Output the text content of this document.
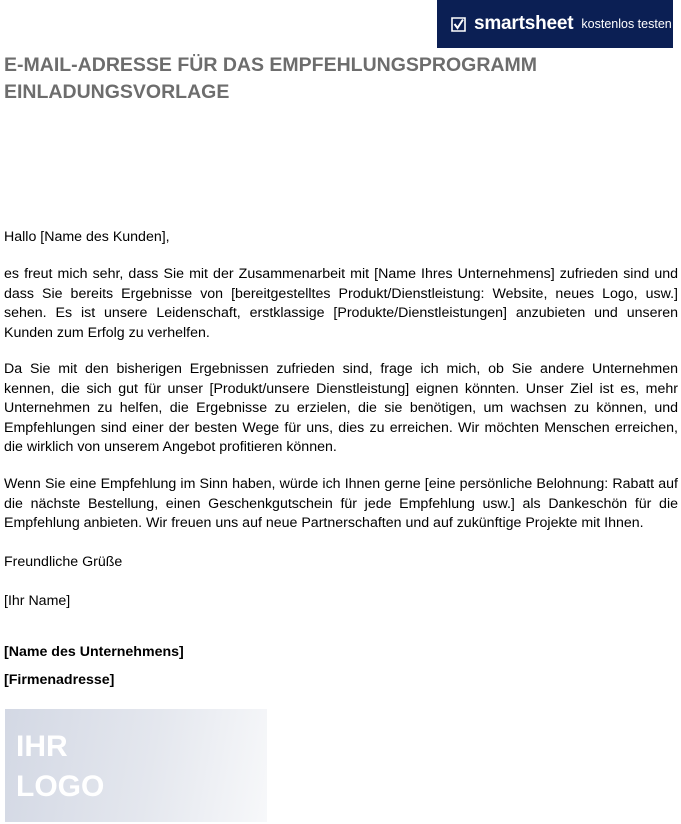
smartsheet kostenlos testen
E-MAIL-ADRESSE FÜR DAS EMPFEHLUNGSPROGRAMM EINLADUNGSVORLAGE
Hallo [Name des Kunden],
es freut mich sehr, dass Sie mit der Zusammenarbeit mit [Name Ihres Unternehmens] zufrieden sind und dass Sie bereits Ergebnisse von [bereitgestelltes Produkt/Dienstleistung: Website, neues Logo, usw.] sehen. Es ist unsere Leidenschaft, erstklassige [Produkte/Dienstleistungen] anzubieten und unseren Kunden zum Erfolg zu verhelfen.
Da Sie mit den bisherigen Ergebnissen zufrieden sind, frage ich mich, ob Sie andere Unternehmen kennen, die sich gut für unser [Produkt/unsere Dienstleistung] eignen könnten. Unser Ziel ist es, mehr Unternehmen zu helfen, die Ergebnisse zu erzielen, die sie benötigen, um wachsen zu können, und Empfehlungen sind einer der besten Wege für uns, dies zu erreichen. Wir möchten Menschen erreichen, die wirklich von unserem Angebot profitieren können.
Wenn Sie eine Empfehlung im Sinn haben, würde ich Ihnen gerne [eine persönliche Belohnung: Rabatt auf die nächste Bestellung, einen Geschenkgutschein für jede Empfehlung usw.] als Dankeschön für die Empfehlung anbieten. Wir freuen uns auf neue Partnerschaften und auf zukünftige Projekte mit Ihnen.
Freundliche Grüße
[Ihr Name]
[Name des Unternehmens]
[Firmenadresse]
IHR
LOGO
